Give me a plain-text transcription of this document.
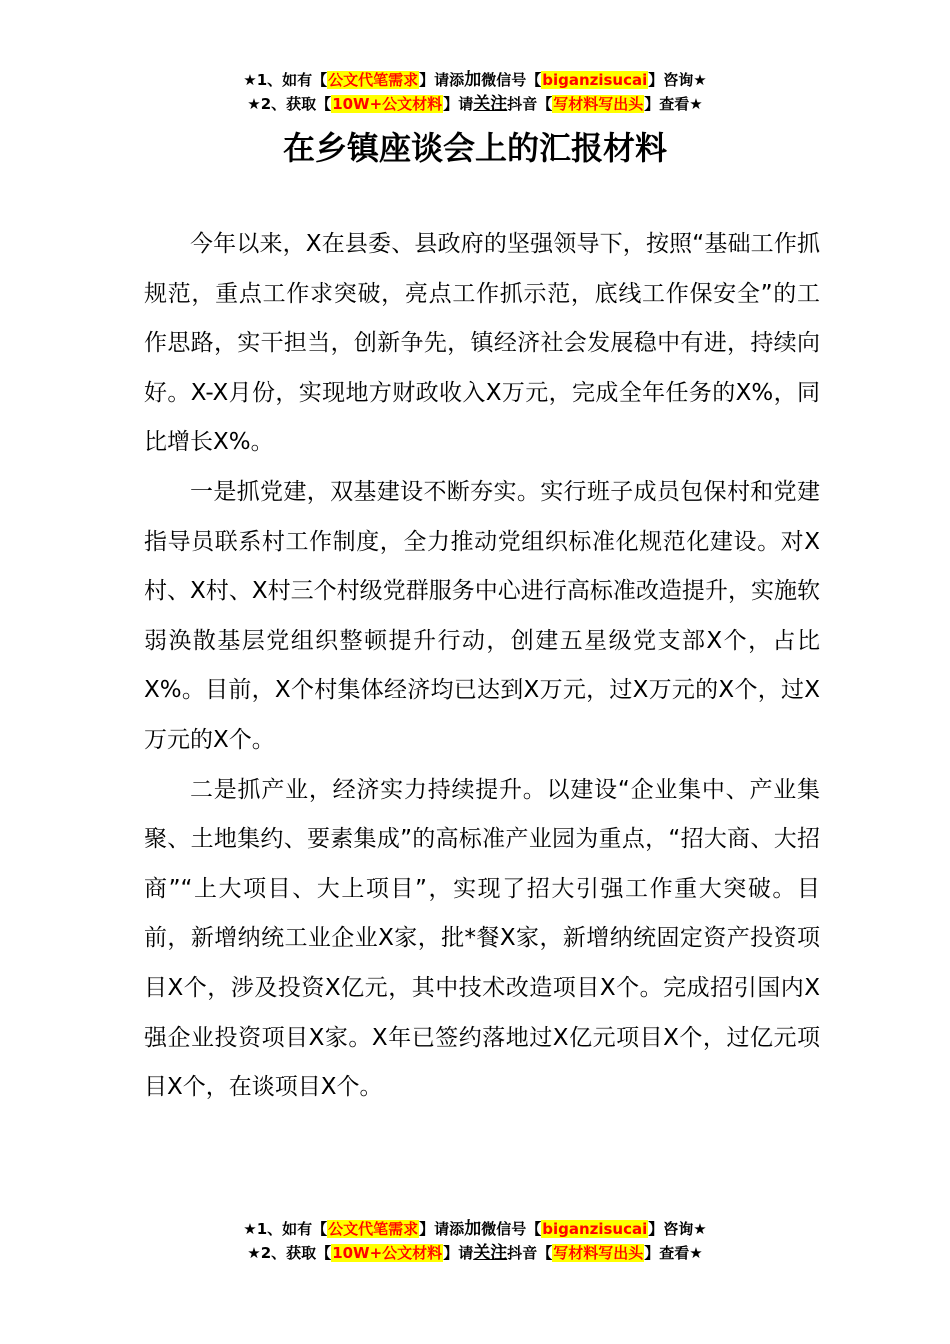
★1、如有【公文代笔需求】请添加微信号【biganzisucai】咨询★
★2、获取【10W+公文材料】请关注抖音【写材料写出头】查看★
在乡镇座谈会上的汇报材料

今年以来，X在县委、县政府的坚强领导下，按照“基础工作抓规范，重点工作求突破，亮点工作抓示范，底线工作保安全”的工作思路，实干担当，创新争先，镇经济社会发展稳中有进，持续向好。X-X月份，实现地方财政收入X万元，完成全年任务的X%，同比增长X%。

一是抓党建，双基建设不断夯实。实行班子成员包保村和党建指导员联系村工作制度，全力推动党组织标准化规范化建设。对X村、X村、X村三个村级党群服务中心进行高标准改造提升，实施软弱涣散基层党组织整顿提升行动，创建五星级党支部X个，占比X%。目前，X个村集体经济均已达到X万元，过X万元的X个，过X万元的X个。

二是抓产业，经济实力持续提升。以建设“企业集中、产业集聚、土地集约、要素集成”的高标准产业园为重点，“招大商、大招商”“上大项目、大上项目”，实现了招大引强工作重大突破。目前，新增纳统工业企业X家，批*餐X家，新增纳统固定资产投资项目X个，涉及投资X亿元，其中技术改造项目X个。完成招引国内X强企业投资项目X家。X年已签约落地过X亿元项目X个，过亿元项目X个，在谈项目X个。

★1、如有【公文代笔需求】请添加微信号【biganzisucai】咨询★
★2、获取【10W+公文材料】请关注抖音【写材料写出头】查看★
